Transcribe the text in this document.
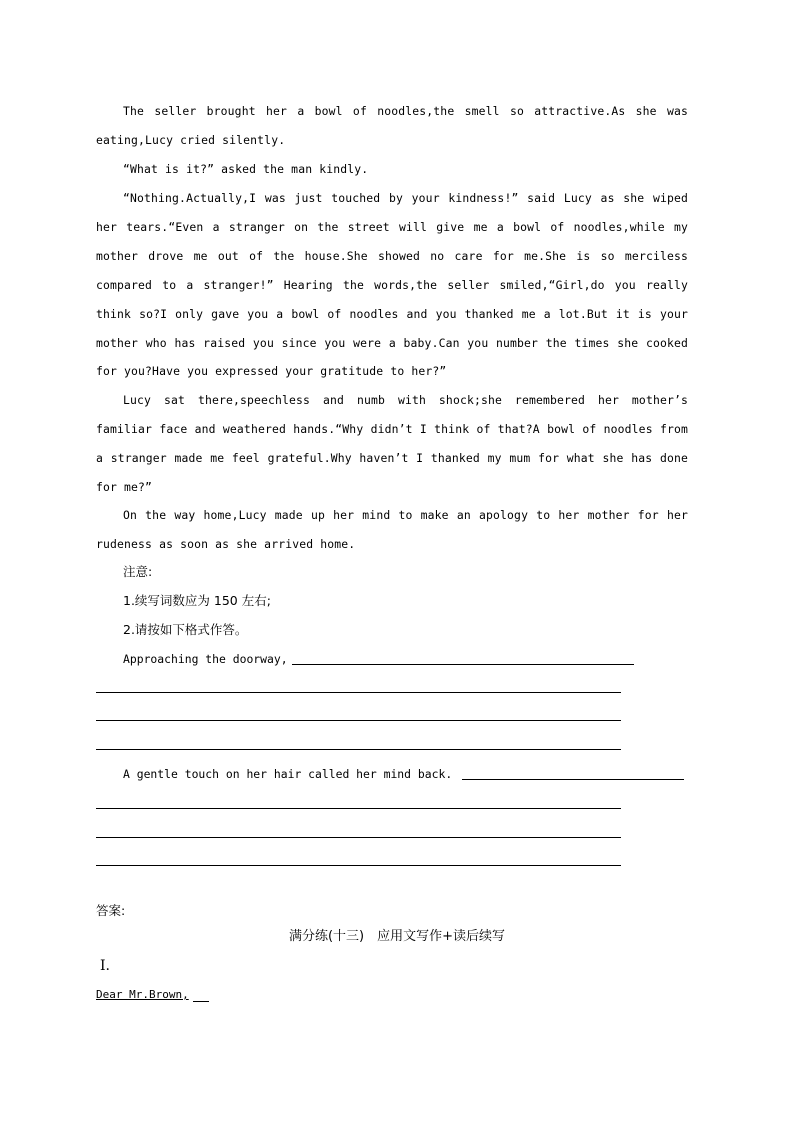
The seller brought her a bowl of noodles,the smell so attractive.As she was eating,Lucy cried silently.
“What is it?” asked the man kindly.
“Nothing.Actually,I was just touched by your kindness!” said Lucy as she wiped her tears.“Even a stranger on the street will give me a bowl of noodles,while my mother drove me out of the house.She showed no care for me.She is so merciless compared to a stranger!” Hearing the words,the seller smiled,“Girl,do you really think so?I only gave you a bowl of noodles and you thanked me a lot.But it is your mother who has raised you since you were a baby.Can you number the times she cooked for you?Have you expressed your gratitude to her?”
Lucy sat there,speechless and numb with shock;she remembered her mother’s familiar face and weathered hands.“Why didn’t I think of that?A bowl of noodles from a stranger made me feel grateful.Why haven’t I thanked my mum for what she has done for me?”
On the way home,Lucy made up her mind to make an apology to her mother for her rudeness as soon as she arrived home.
注意:
1.续写词数应为 150 左右;
2.请按如下格式作答。
Approaching the doorway,
A gentle touch on her hair called her mind back.
答案:
满分练(十三)　应用文写作+读后续写
Ⅰ.
Dear Mr.Brown,
